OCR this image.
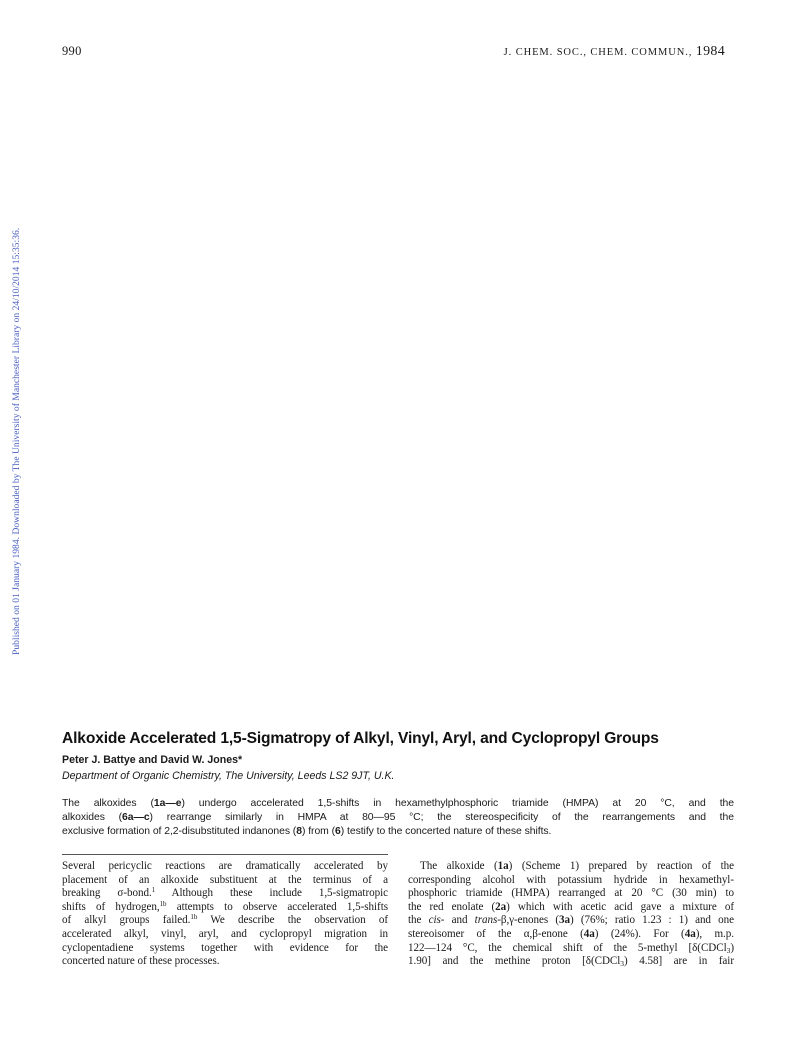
990	J. CHEM. SOC., CHEM. COMMUN., 1984
Published on 01 January 1984. Downloaded by The University of Manchester Library on 24/10/2014 15:35:36.
Alkoxide Accelerated 1,5-Sigmatropy of Alkyl, Vinyl, Aryl, and Cyclopropyl Groups
Peter J. Battye and David W. Jones*
Department of Organic Chemistry, The University, Leeds LS2 9JT, U.K.
The alkoxides (1a—e) undergo accelerated 1,5-shifts in hexamethylphosphoric triamide (HMPA) at 20 °C, and the
alkoxides (6a—c) rearrange similarly in HMPA at 80—95 °C; the stereospecificity of the rearrangements and the
exclusive formation of 2,2-disubstituted indanones (8) from (6) testify to the concerted nature of these shifts.
Several pericyclic reactions are dramatically accelerated by
placement of an alkoxide substituent at the terminus of a
breaking σ-bond.$^1$ Although these include 1,5-sigmatropic
shifts of hydrogen,$^{1b}$ attempts to observe accelerated 1,5-shifts
of alkyl groups failed.$^{1b}$ We describe the observation of
accelerated alkyl, vinyl, aryl, and cyclopropyl migration in
cyclopentadiene systems together with evidence for the
concerted nature of these processes.
The alkoxide (1a) (Scheme 1) prepared by reaction of the
corresponding alcohol with potassium hydride in hexamethyl-
phosphoric triamide (HMPA) rearranged at 20 °C (30 min) to
the red enolate (2a) which with acetic acid gave a mixture of
the cis- and trans-β,γ-enones (3a) (76%; ratio 1.23 : 1) and one
stereoisomer of the α,β-enone (4a) (24%). For (4a), m.p.
122—124 °C, the chemical shift of the 5-methyl [δ(CDCl$_3$)
1.90] and the methine proton [δ(CDCl$_3$) 4.58] are in fair
